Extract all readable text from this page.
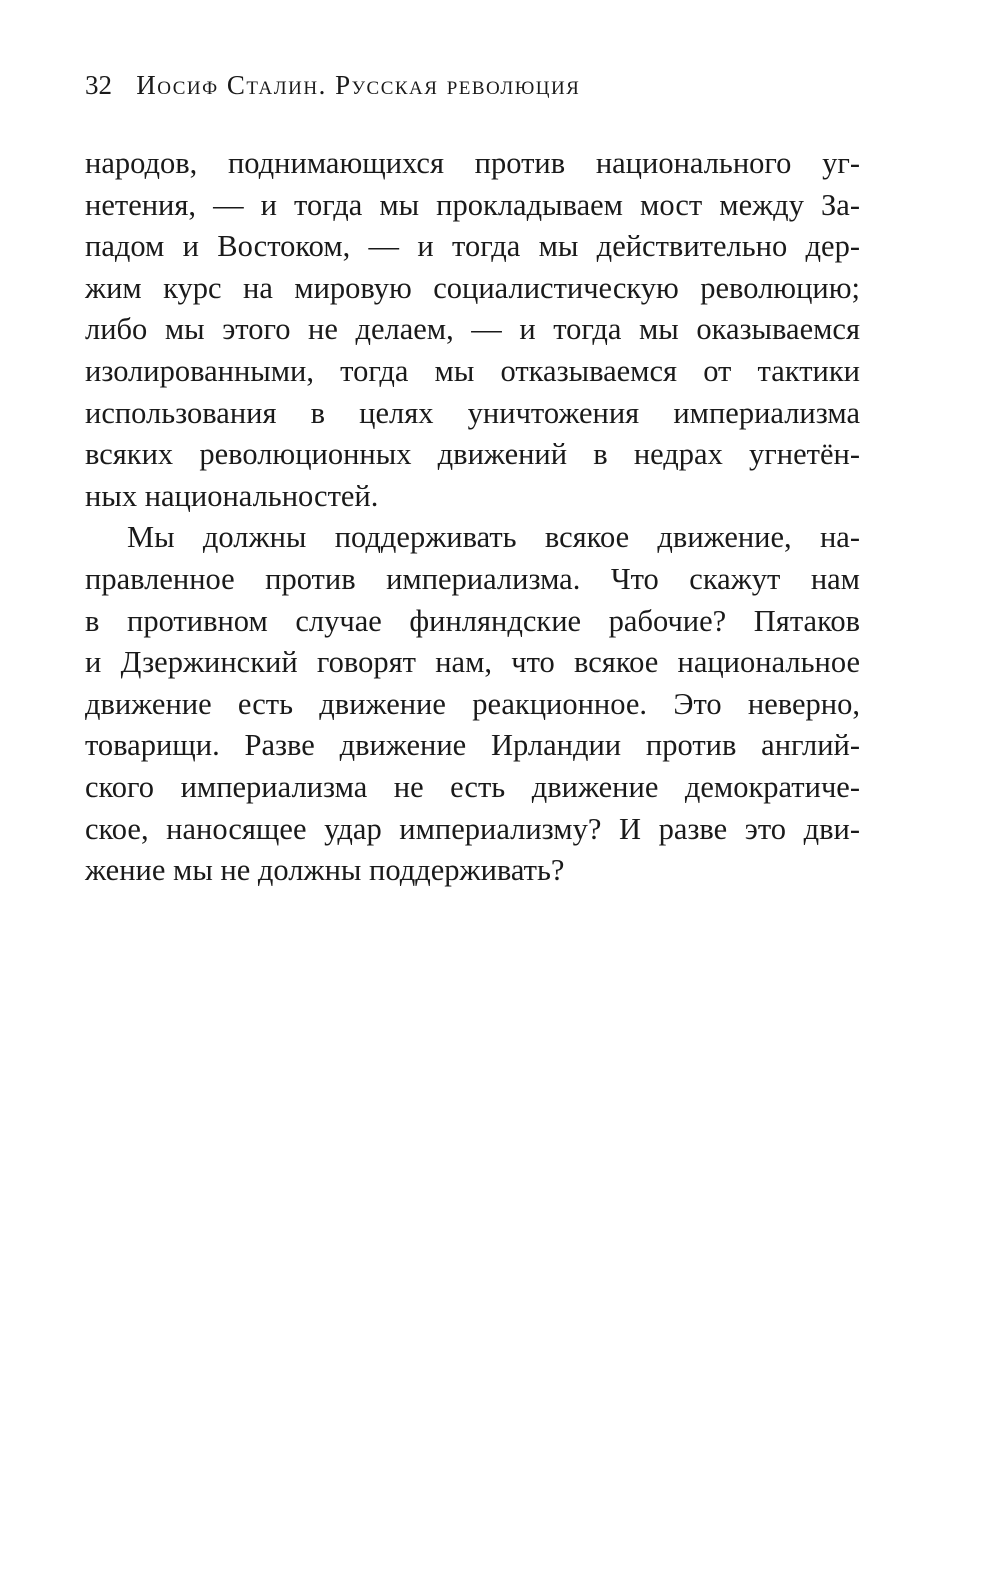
32 Иосиф Сталин. Русская революция
народов, поднимающихся против национального уг-
нетения, — и тогда мы прокладываем мост между За-
падом и Востоком, — и тогда мы действительно дер-
жим курс на мировую социалистическую революцию;
либо мы этого не делаем, — и тогда мы оказываемся
изолированными, тогда мы отказываемся от тактики
использования в целях уничтожения империализма
всяких революционных движений в недрах угнетён-
ных национальностей.
Мы должны поддерживать всякое движение, на-
правленное против империализма. Что скажут нам
в противном случае финляндские рабочие? Пятаков
и Дзержинский говорят нам, что всякое национальное
движение есть движение реакционное. Это неверно,
товарищи. Разве движение Ирландии против англий-
ского империализма не есть движение демократиче-
ское, наносящее удар империализму? И разве это дви-
жение мы не должны поддерживать?
